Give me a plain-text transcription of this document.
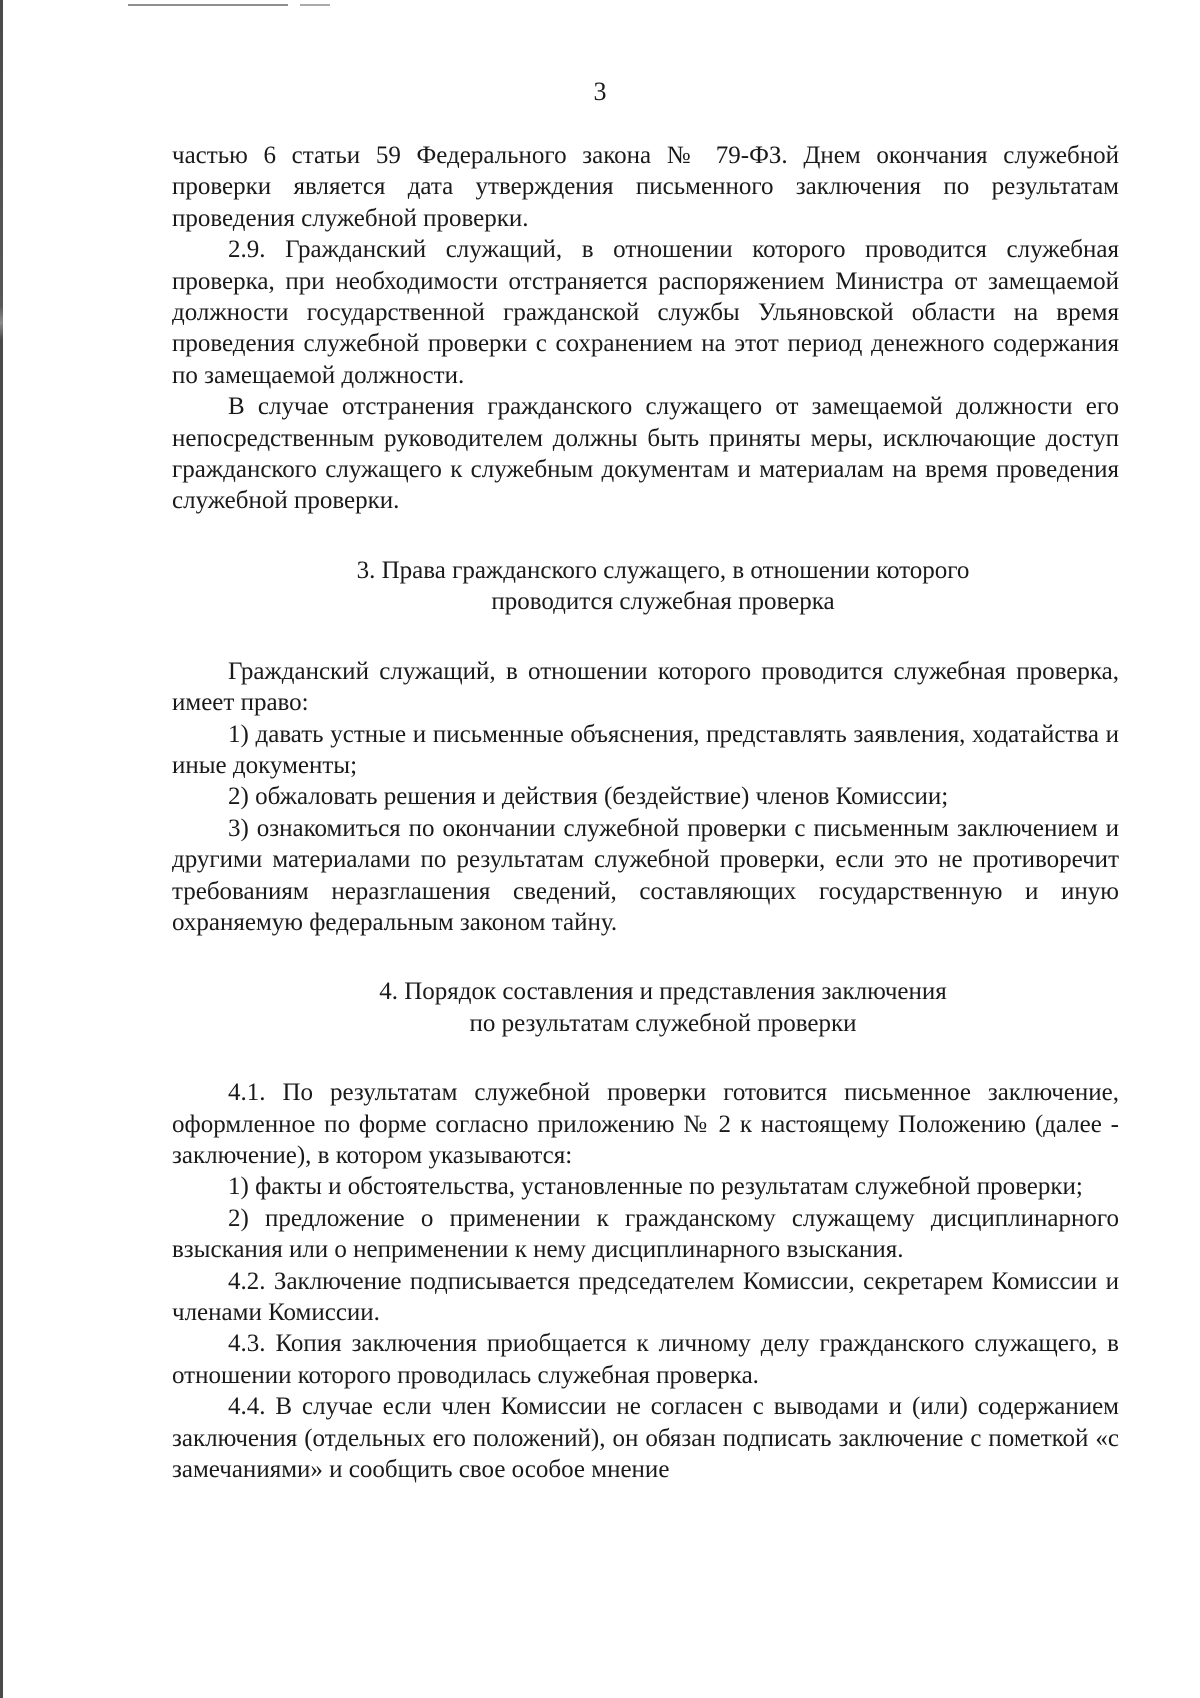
3

частью 6 статьи 59 Федерального закона № 79-ФЗ. Днем окончания служебной проверки является дата утверждения письменного заключения по результатам проведения служебной проверки.

2.9. Гражданский служащий, в отношении которого проводится служебная проверка, при необходимости отстраняется распоряжением Министра от замещаемой должности государственной гражданской службы Ульяновской области на время проведения служебной проверки с сохранением на этот период денежного содержания по замещаемой должности.

В случае отстранения гражданского служащего от замещаемой должности его непосредственным руководителем должны быть приняты меры, исключающие доступ гражданского служащего к служебным документам и материалам на время проведения служебной проверки.

3. Права гражданского служащего, в отношении которого

проводится служебная проверка

Гражданский служащий, в отношении которого проводится служебная проверка, имеет право:

1) давать устные и письменные объяснения, представлять заявления, ходатайства и иные документы;

2) обжаловать решения и действия (бездействие) членов Комиссии;

3) ознакомиться по окончании служебной проверки с письменным заключением и другими материалами по результатам служебной проверки, если это не противоречит требованиям неразглашения сведений, составляющих государственную и иную охраняемую федеральным законом тайну.

4. Порядок составления и представления заключения

по результатам служебной проверки

4.1. По результатам служебной проверки готовится письменное заключение, оформленное по форме согласно приложению № 2 к настоящему Положению (далее - заключение), в котором указываются:

1) факты и обстоятельства, установленные по результатам служебной проверки;

2) предложение о применении к гражданскому служащему дисциплинарного взыскания или о неприменении к нему дисциплинарного взыскания.

4.2. Заключение подписывается председателем Комиссии, секретарем Комиссии и членами Комиссии.

4.3. Копия заключения приобщается к личному делу гражданского служащего, в отношении которого проводилась служебная проверка.

4.4. В случае если член Комиссии не согласен с выводами и (или) содержанием заключения (отдельных его положений), он обязан подписать заключение с пометкой «с замечаниями» и сообщить свое особое мнение
